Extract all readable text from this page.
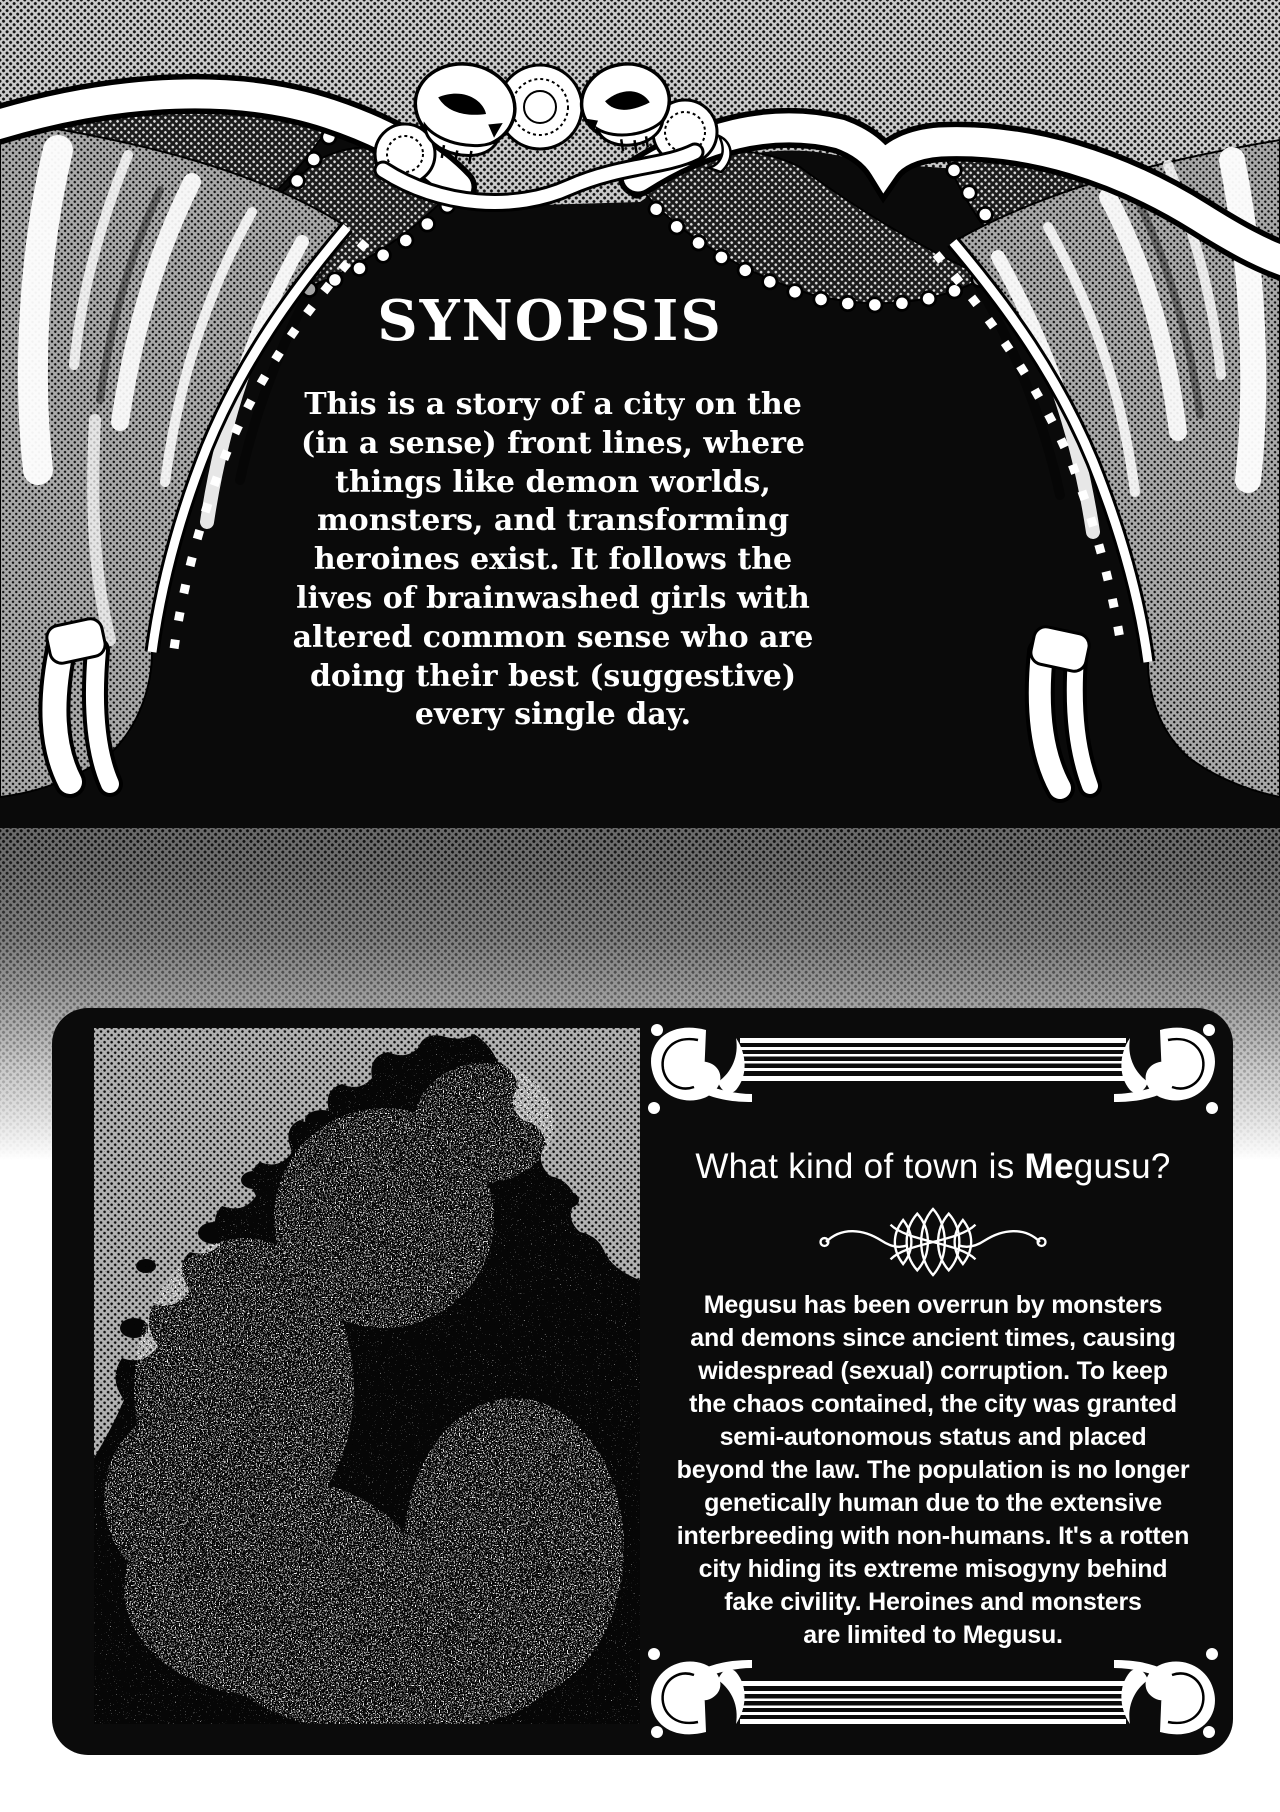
SYNOPSIS
This is a story of a city on the
(in a sense) front lines, where
things like demon worlds,
monsters, and transforming
heroines exist. It follows the
lives of brainwashed girls with
altered common sense who are
doing their best (suggestive)
every single day.
What kind of town is Megusu?
Megusu has been overrun by monsters
and demons since ancient times, causing
widespread (sexual) corruption. To keep
the chaos contained, the city was granted
semi-autonomous status and placed
beyond the law. The population is no longer
genetically human due to the extensive
interbreeding with non-humans. It's a rotten
city hiding its extreme misogyny behind
fake civility. Heroines and monsters
are limited to Megusu.
